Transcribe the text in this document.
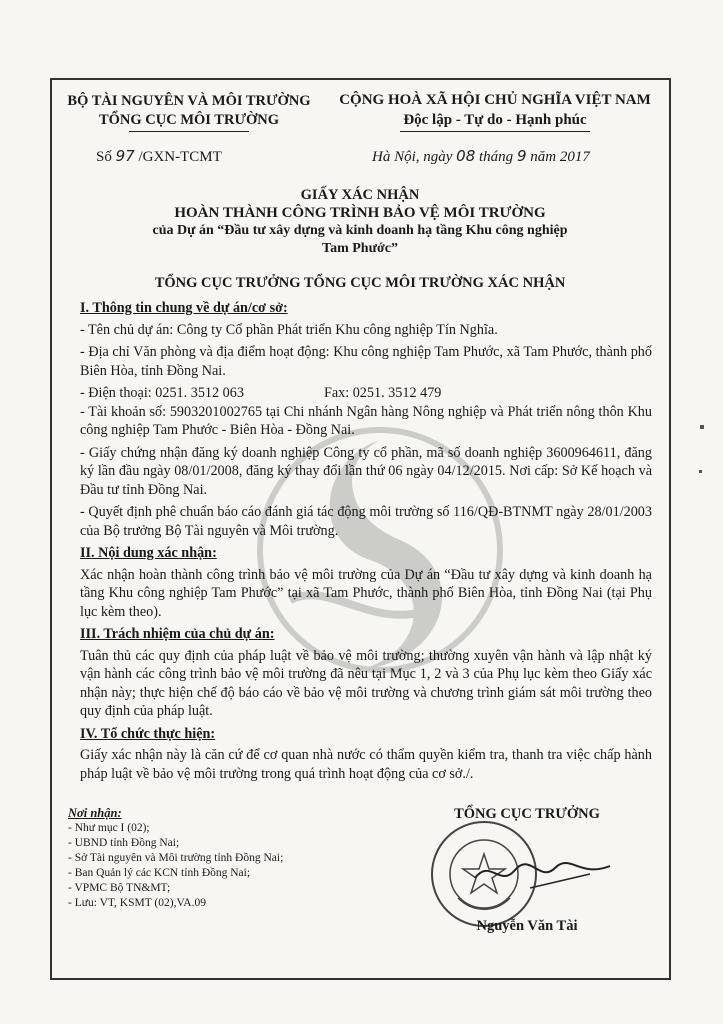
BỘ TÀI NGUYÊN VÀ MÔI TRƯỜNG
TỔNG CỤC MÔI TRƯỜNG
CỘNG HOÀ XÃ HỘI CHỦ NGHĨA VIỆT NAM
Độc lập - Tự do - Hạnh phúc
Số 97 /GXN-TCMT	Hà Nội, ngày 08 tháng 9 năm 2017
GIẤY XÁC NHẬN
HOÀN THÀNH CÔNG TRÌNH BẢO VỆ MÔI TRƯỜNG
của Dự án “Đầu tư xây dựng và kinh doanh hạ tầng Khu công nghiệp
Tam Phước”
TỔNG CỤC TRƯỞNG TỔNG CỤC MÔI TRƯỜNG XÁC NHẬN
I. Thông tin chung về dự án/cơ sở:

- Tên chủ dự án: Công ty Cổ phần Phát triển Khu công nghiệp Tín Nghĩa.

- Địa chỉ Văn phòng và địa điểm hoạt động: Khu công nghiệp Tam Phước, xã Tam Phước, thành phố Biên Hòa, tỉnh Đồng Nai.

- Điện thoại: 0251. 3512 063	Fax: 0251. 3512 479

- Tài khoản số: 5903201002765 tại Chi nhánh Ngân hàng Nông nghiệp và Phát triển nông thôn Khu công nghiệp Tam Phước - Biên Hòa - Đồng Nai.

- Giấy chứng nhận đăng ký doanh nghiệp Công ty cổ phần, mã số doanh nghiệp 3600964611, đăng ký lần đầu ngày 08/01/2008, đăng ký thay đổi lần thứ 06 ngày 04/12/2015. Nơi cấp: Sở Kế hoạch và Đầu tư tỉnh Đồng Nai.

- Quyết định phê chuẩn báo cáo đánh giá tác động môi trường số 116/QĐ-BTNMT ngày 28/01/2003 của Bộ trưởng Bộ Tài nguyên và Môi trường.

II. Nội dung xác nhận:

Xác nhận hoàn thành công trình bảo vệ môi trường của Dự án “Đầu tư xây dựng và kinh doanh hạ tầng Khu công nghiệp Tam Phước” tại xã Tam Phước, thành phố Biên Hòa, tỉnh Đồng Nai (tại Phụ lục kèm theo).

III. Trách nhiệm của chủ dự án:

Tuân thủ các quy định của pháp luật về bảo vệ môi trường; thường xuyên vận hành và lập nhật ký vận hành các công trình bảo vệ môi trường đã nêu tại Mục 1, 2 và 3 của Phụ lục kèm theo Giấy xác nhận này; thực hiện chế độ báo cáo về bảo vệ môi trường và chương trình giám sát môi trường theo quy định của pháp luật.

IV. Tổ chức thực hiện:

Giấy xác nhận này là căn cứ để cơ quan nhà nước có thẩm quyền kiểm tra, thanh tra việc chấp hành pháp luật về bảo vệ môi trường trong quá trình hoạt động của cơ sở./.

Nơi nhận:
- Như mục I (02);
- UBND tỉnh Đồng Nai;
- Sở Tài nguyên và Môi trường tỉnh Đồng Nai;
- Ban Quản lý các KCN tỉnh Đồng Nai;
- VPMC Bộ TN&MT;
- Lưu: VT, KSMT (02),VA.09
TỔNG CỤC TRƯỞNG
Nguyễn Văn Tài
